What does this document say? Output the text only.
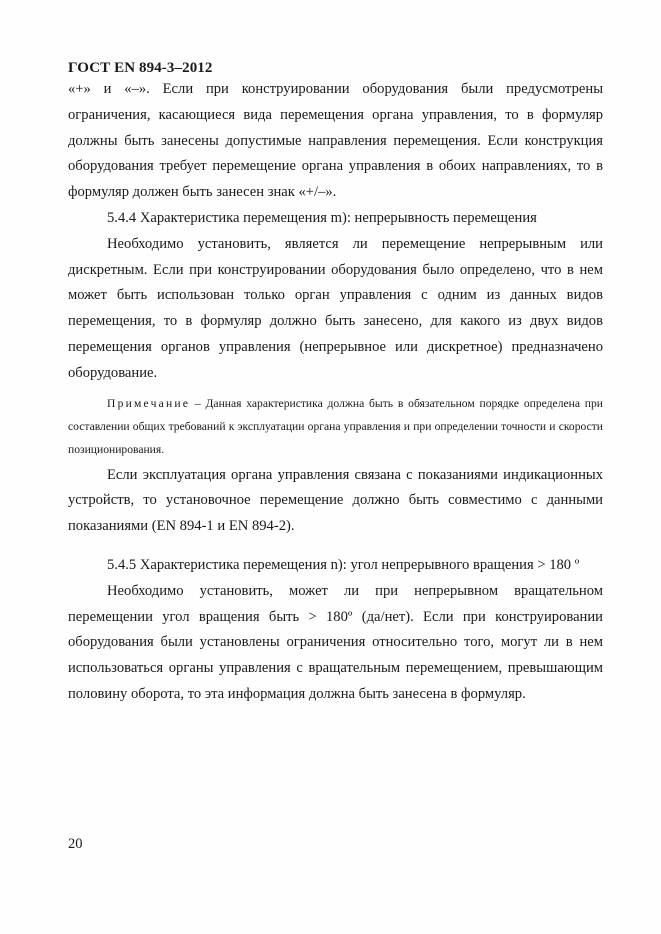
ГОСТ EN 894-3–2012

«+» и «–». Если при конструировании оборудования были предусмотрены ограничения, касающиеся вида перемещения органа управления, то в формуляр должны быть занесены допустимые направления перемещения. Если конструкция оборудования требует перемещение органа управления в обоих направлениях, то в формуляр должен быть занесен знак «+/–».

5.4.4 Характеристика перемещения m): непрерывность перемещения

Необходимо установить, является ли перемещение непрерывным или дискретным. Если при конструировании оборудования было определено, что в нем может быть использован только орган управления с одним из данных видов перемещения, то в формуляр должно быть занесено, для какого из двух видов перемещения органов управления (непрерывное или дискретное) предназначено оборудование.

Примечание – Данная характеристика должна быть в обязательном порядке определена при составлении общих требований к эксплуатации органа управления и при определении точности и скорости позиционирования.

Если эксплуатация органа управления связана с показаниями индикационных устройств, то установочное перемещение должно быть совместимо с данными показаниями (EN 894-1 и EN 894-2).

5.4.5 Характеристика перемещения n): угол непрерывного вращения > 180 º

Необходимо установить, может ли при непрерывном вращательном перемещении угол вращения быть > 180º (да/нет). Если при конструировании оборудования были установлены ограничения относительно того, могут ли в нем использоваться органы управления с вращательным перемещением, превышающим половину оборота, то эта информация должна быть занесена в формуляр.

20
